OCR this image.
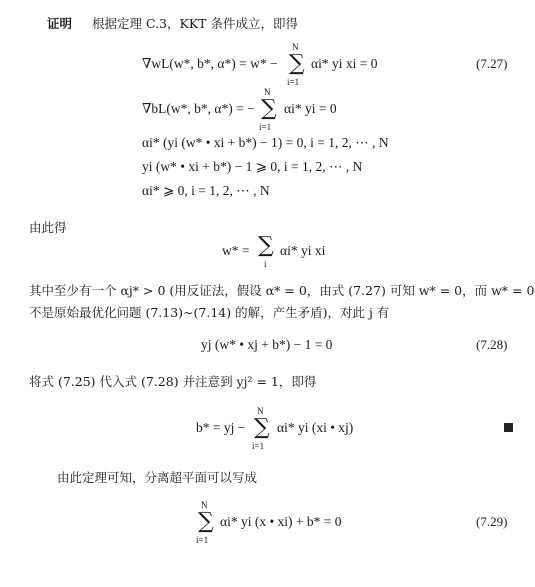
证明 根据定理 C.3，KKT 条件成立，即得
∇wL(w*, b*, α*) = w* −
N
∑
i=1
αi* yi xi = 0	(7.27)
∇bL(w*, b*, α*) = −
N
∑
i=1
αi* yi = 0
αi* (yi (w* • xi + b*) − 1) = 0, i = 1, 2, ⋯ , N
yi (w* • xi + b*) − 1 ⩾ 0, i = 1, 2, ⋯ , N
αi* ⩾ 0, i = 1, 2, ⋯ , N
由此得
w* = ∑
i
αi* yi xi
其中至少有一个 αj* > 0 (用反证法，假设 α* = 0，由式 (7.27) 可知 w* = 0，而 w* = 0
不是原始最优化问题 (7.13)∼(7.14) 的解，产生矛盾)，对此 j 有
yj (w* • xj + b*) − 1 = 0	(7.28)
将式 (7.25) 代入式 (7.28) 并注意到 yj² = 1，即得
b* = yj −
N
∑
i=1
αi* yi (xi • xj)
由此定理可知，分离超平面可以写成
N
∑
i=1
αi* yi (x • xi) + b* = 0	(7.29)
